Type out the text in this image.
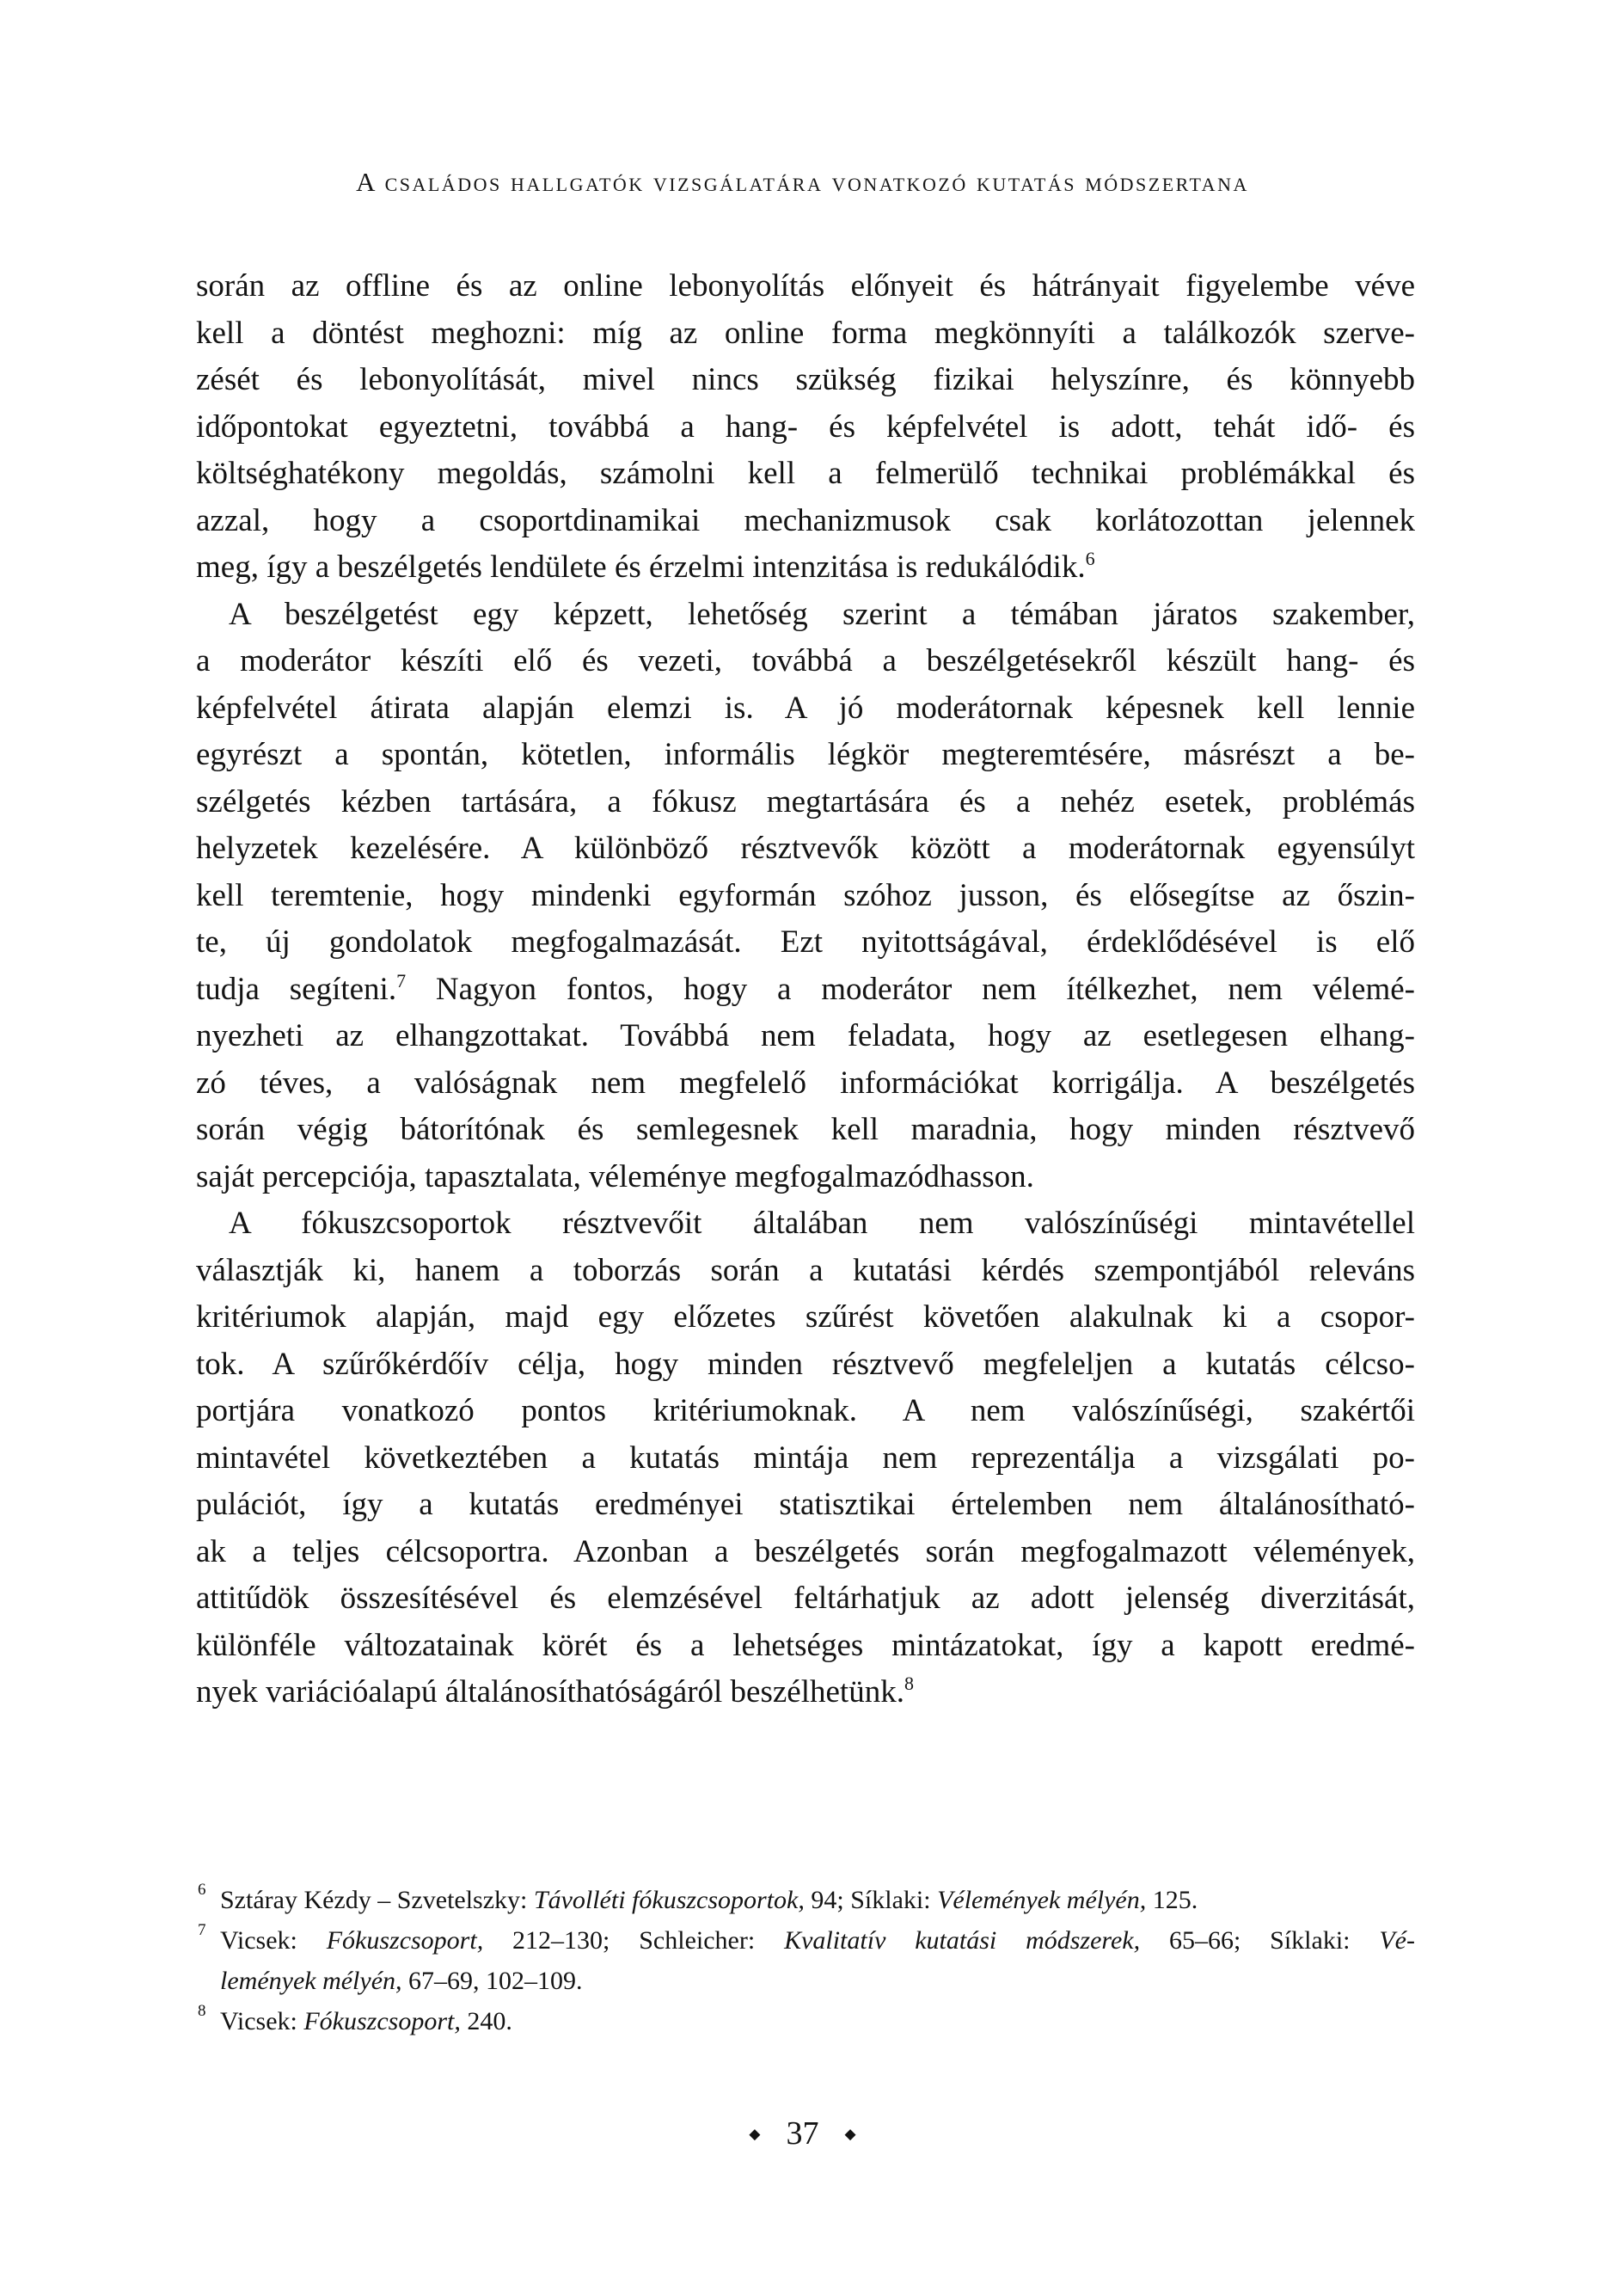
A családos hallgatók vizsgálatára vonatkozó kutatás módszertana
során az offline és az online lebonyolítás előnyeit és hátrányait figyelembe véve
kell a döntést meghozni: míg az online forma megkönnyíti a találkozók szerve-
zését és lebonyolítását, mivel nincs szükség fizikai helyszínre, és könnyebb
időpontokat egyeztetni, továbbá a hang- és képfelvétel is adott, tehát idő- és
költséghatékony megoldás, számolni kell a felmerülő technikai problémákkal és
azzal, hogy a csoportdinamikai mechanizmusok csak korlátozottan jelennek
meg, így a beszélgetés lendülete és érzelmi intenzitása is redukálódik.$^6$
A beszélgetést egy képzett, lehetőség szerint a témában járatos szakember,
a moderátor készíti elő és vezeti, továbbá a beszélgetésekről készült hang- és
képfelvétel átirata alapján elemzi is. A jó moderátornak képesnek kell lennie
egyrészt a spontán, kötetlen, informális légkör megteremtésére, másrészt a be-
szélgetés kézben tartására, a fókusz megtartására és a nehéz esetek, problémás
helyzetek kezelésére. A különböző résztvevők között a moderátornak egyensúlyt
kell teremtenie, hogy mindenki egyformán szóhoz jusson, és elősegítse az őszin-
te, új gondolatok megfogalmazását. Ezt nyitottságával, érdeklődésével is elő
tudja segíteni.$^7$ Nagyon fontos, hogy a moderátor nem ítélkezhet, nem vélemé-
nyezheti az elhangzottakat. Továbbá nem feladata, hogy az esetlegesen elhang-
zó téves, a valóságnak nem megfelelő információkat korrigálja. A beszélgetés
során végig bátorítónak és semlegesnek kell maradnia, hogy minden résztvevő
saját percepciója, tapasztalata, véleménye megfogalmazódhasson.
A fókuszcsoportok résztvevőit általában nem valószínűségi mintavétellel
választják ki, hanem a toborzás során a kutatási kérdés szempontjából releváns
kritériumok alapján, majd egy előzetes szűrést követően alakulnak ki a csopor-
tok. A szűrőkérdőív célja, hogy minden résztvevő megfeleljen a kutatás célcso-
portjára vonatkozó pontos kritériumoknak. A nem valószínűségi, szakértői
mintavétel következtében a kutatás mintája nem reprezentálja a vizsgálati po-
pulációt, így a kutatás eredményei statisztikai értelemben nem általánosítható-
ak a teljes célcsoportra. Azonban a beszélgetés során megfogalmazott vélemények,
attitűdök összesítésével és elemzésével feltárhatjuk az adott jelenség diverzitását,
különféle változatainak körét és a lehetséges mintázatokat, így a kapott eredmé-
nyek variációalapú általánosíthatóságáról beszélhetünk.$^8$
6 Sztáray Kézdy – Szvetelszky: Távolléti fókuszcsoportok, 94; Síklaki: Vélemények mélyén, 125.
7 Vicsek: Fókuszcsoport, 212–130; Schleicher: Kvalitatív kutatási módszerek, 65–66; Síklaki: Vé-
lemények mélyén, 67–69, 102–109.
8 Vicsek: Fókuszcsoport, 240.
◆ 37 ◆
